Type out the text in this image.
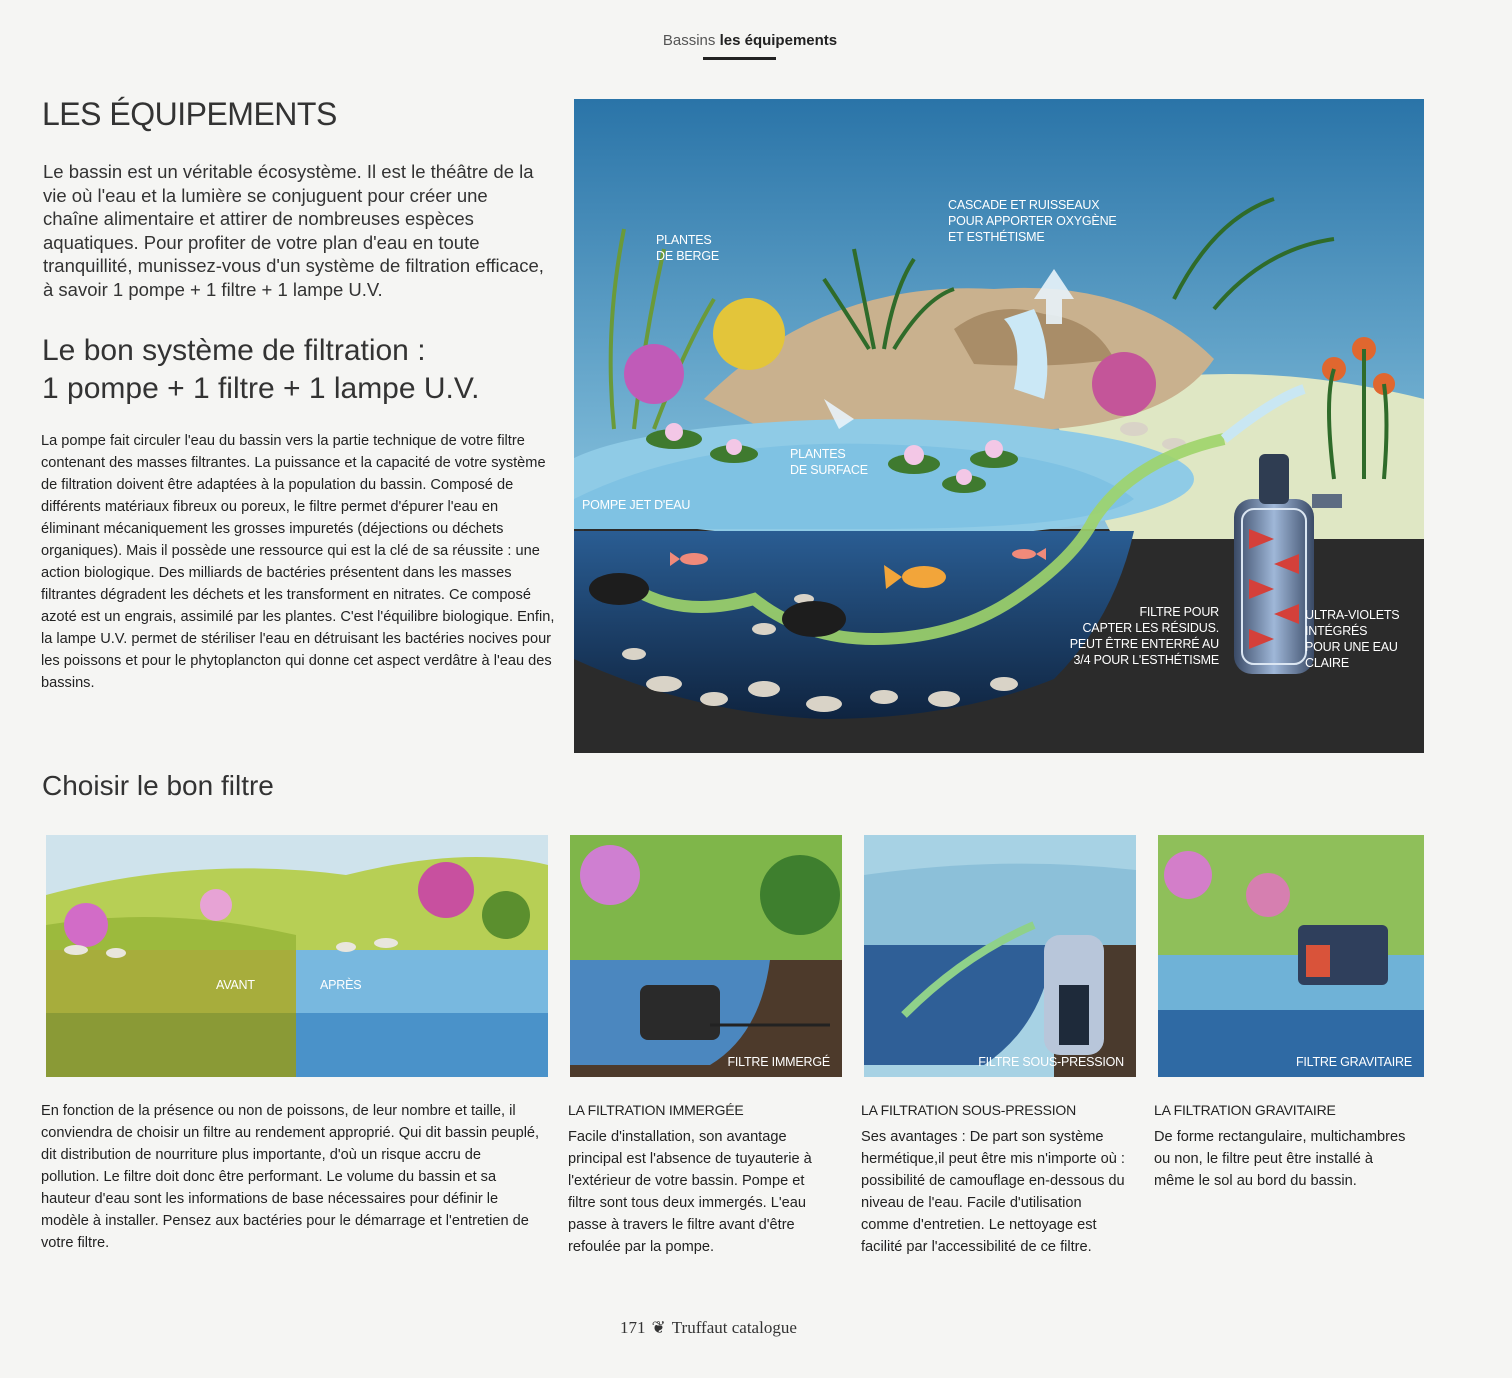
Bassins les équipements
LES ÉQUIPEMENTS

Le bassin est un véritable écosystème. Il est le théâtre de la vie où l'eau et la lumière se conjuguent pour créer une chaîne alimentaire et attirer de nombreuses espèces aquatiques. Pour profiter de votre plan d'eau en toute tranquillité, munissez-vous d'un système de filtration efficace, à savoir 1 pompe + 1 filtre + 1 lampe U.V.

Le bon système de filtration :
1 pompe + 1 filtre + 1 lampe U.V.

La pompe fait circuler l'eau du bassin vers la partie technique de votre filtre contenant des masses filtrantes. La puissance et la capacité de votre système de filtration doivent être adaptées à la population du bassin. Composé de différents matériaux fibreux ou poreux, le filtre permet d'épurer l'eau en éliminant mécaniquement les grosses impuretés (déjections ou déchets organiques). Mais il possède une ressource qui est la clé de sa réussite : une action biologique. Des milliards de bactéries présentent dans les masses filtrantes dégradent les déchets et les transforment en nitrates. Ce composé azoté est un engrais, assimilé par les plantes. C'est l'équilibre biologique. Enfin, la lampe U.V. permet de stériliser l'eau en détruisant les bactéries nocives pour les poissons et pour le phytoplancton qui donne cet aspect verdâtre à l'eau des bassins.

PLANTES
DE BERGE
CASCADE ET RUISSEAUX
POUR APPORTER OXYGÈNE
ET ESTHÉTISME
PLANTES
DE SURFACE
POMPE JET D'EAU
FILTRE POUR
CAPTER LES RÉSIDUS.
PEUT ÊTRE ENTERRÉ AU
3/4 POUR L'ESTHÉTISME
ULTRA-VIOLETS
INTÉGRÉS
POUR UNE EAU
CLAIRE
Choisir le bon filtre
AVANT	APRÈS
FILTRE IMMERGÉ	FILTRE SOUS-PRESSION	FILTRE GRAVITAIRE

En fonction de la présence ou non de poissons, de leur nombre et taille, il conviendra de choisir un filtre au rendement approprié. Qui dit bassin peuplé, dit distribution de nourriture plus importante, d'où un risque accru de pollution. Le filtre doit donc être performant. Le volume du bassin et sa hauteur d'eau sont les informations de base nécessaires pour définir le modèle à installer. Pensez aux bactéries pour le démarrage et l'entretien de votre filtre.

LA FILTRATION IMMERGÉE

Facile d'installation, son avantage principal est l'absence de tuyauterie à l'extérieur de votre bassin. Pompe et filtre sont tous deux immergés. L'eau passe à travers le filtre avant d'être refoulée par la pompe.

LA FILTRATION SOUS-PRESSION

Ses avantages : De part son système hermétique,il peut être mis n'importe où : possibilité de camouflage en-dessous du niveau de l'eau. Facile d'utilisation comme d'entretien. Le nettoyage est facilité par l'accessibilité de ce filtre.

LA FILTRATION GRAVITAIRE

De forme rectangulaire, multichambres ou non, le filtre peut être installé à même le sol au bord du bassin.

171 ❦ Truffaut catalogue
